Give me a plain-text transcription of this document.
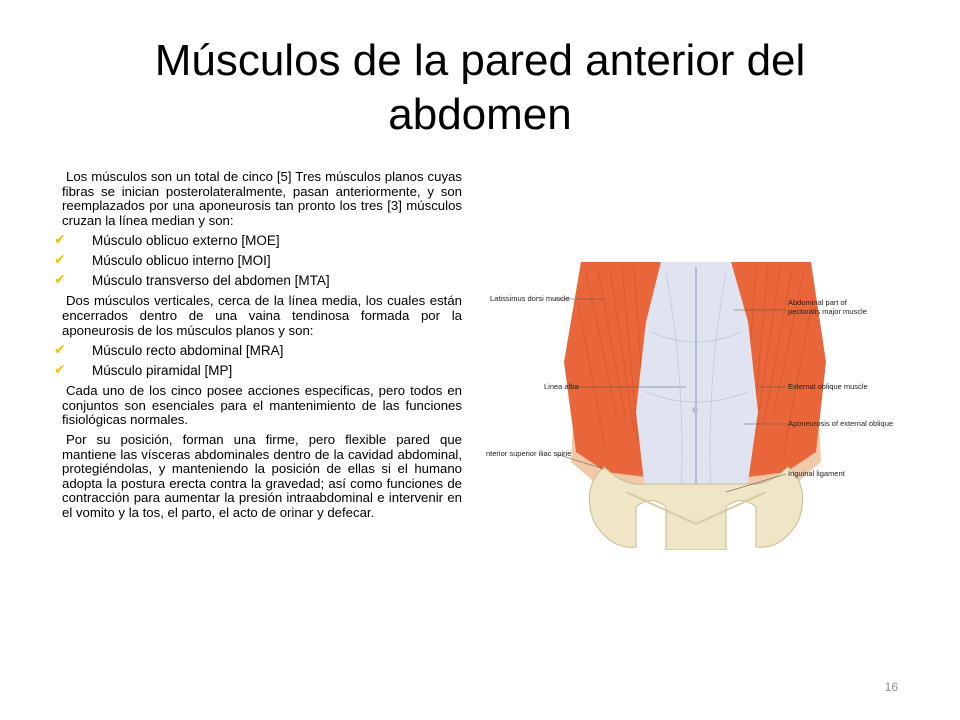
Músculos de la pared anterior del abdomen

Los músculos son un total de cinco [5] Tres músculos planos cuyas fibras se inician posterolateralmente, pasan anteriormente, y son reemplazados por una aponeurosis tan pronto los tres [3] músculos cruzan la línea median y son:

✔ Músculo oblicuo externo [MOE]
✔ Músculo oblicuo interno [MOI]
✔ Músculo transverso del abdomen [MTA]

Dos músculos verticales, cerca de la línea media, los cuales están encerrados dentro de una vaina tendinosa formada por la aponeurosis de los músculos planos y son:

✔ Músculo recto abdominal [MRA]
✔ Músculo piramidal [MP]

Cada uno de los cinco posee acciones especificas, pero todos en conjuntos son esenciales para el mantenimiento de las funciones fisiológicas normales.

Por su posición, forman una firme, pero flexible pared que mantiene las vísceras abdominales dentro de la cavidad abdominal, protegiéndolas, y manteniendo la posición de ellas si el humano adopta la postura erecta contra la gravedad; así como funciones de contracción para aumentar la presión intraabdominal e intervenir en el vomito y la tos, el parto, el acto de orinar y defecar.

Latissimus dorsi muscle	Abdominal part of
pectoralis major muscle
Linea alba	External oblique muscle
Aponeurosis of external oblique
nterior superior iliac spine
Inguinal ligament
16
